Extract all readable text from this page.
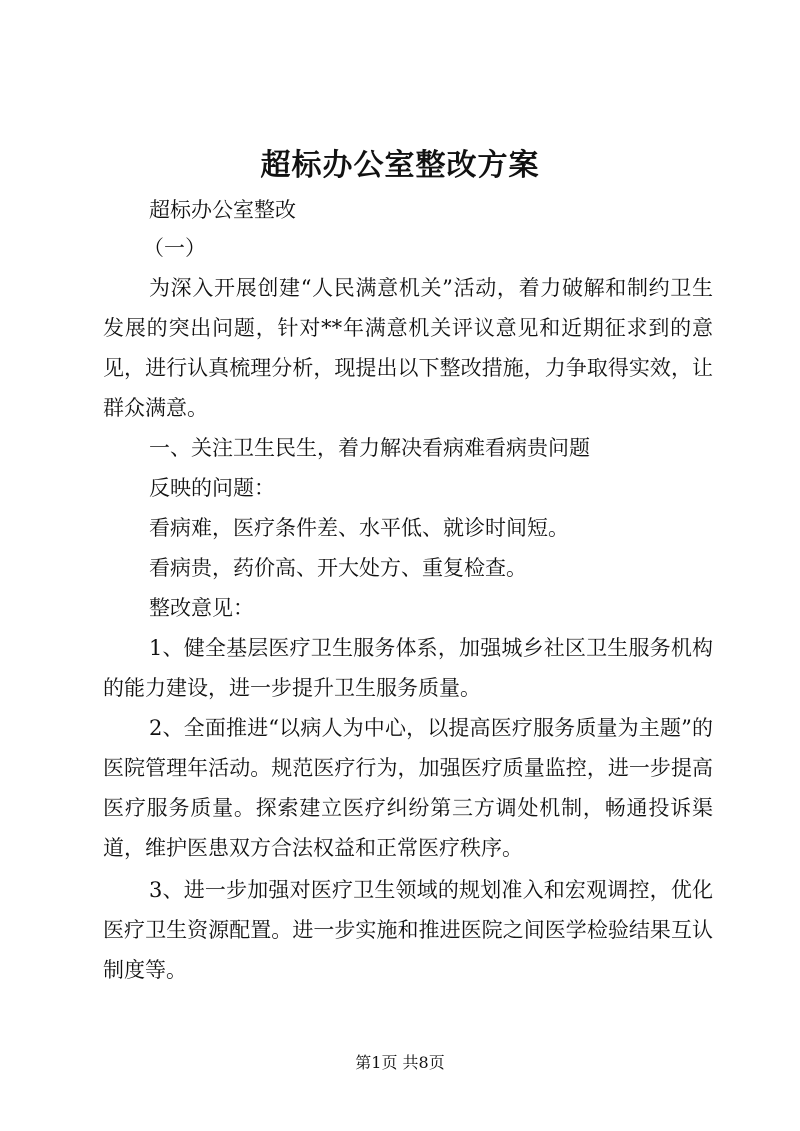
超标办公室整改方案

超标办公室整改

（一）

为深入开展创建“人民满意机关”活动，着力破解和制约卫生发展的突出问题，针对**年满意机关评议意见和近期征求到的意见，进行认真梳理分析，现提出以下整改措施，力争取得实效，让群众满意。

一、关注卫生民生，着力解决看病难看病贵问题

反映的问题：

看病难，医疗条件差、水平低、就诊时间短。

看病贵，药价高、开大处方、重复检查。

整改意见：

1、健全基层医疗卫生服务体系，加强城乡社区卫生服务机构的能力建设，进一步提升卫生服务质量。

2、全面推进“以病人为中心，以提高医疗服务质量为主题”的医院管理年活动。规范医疗行为，加强医疗质量监控，进一步提高医疗服务质量。探索建立医疗纠纷第三方调处机制，畅通投诉渠道，维护医患双方合法权益和正常医疗秩序。

3、进一步加强对医疗卫生领域的规划准入和宏观调控，优化医疗卫生资源配置。进一步实施和推进医院之间医学检验结果互认制度等。

第1页 共8页
